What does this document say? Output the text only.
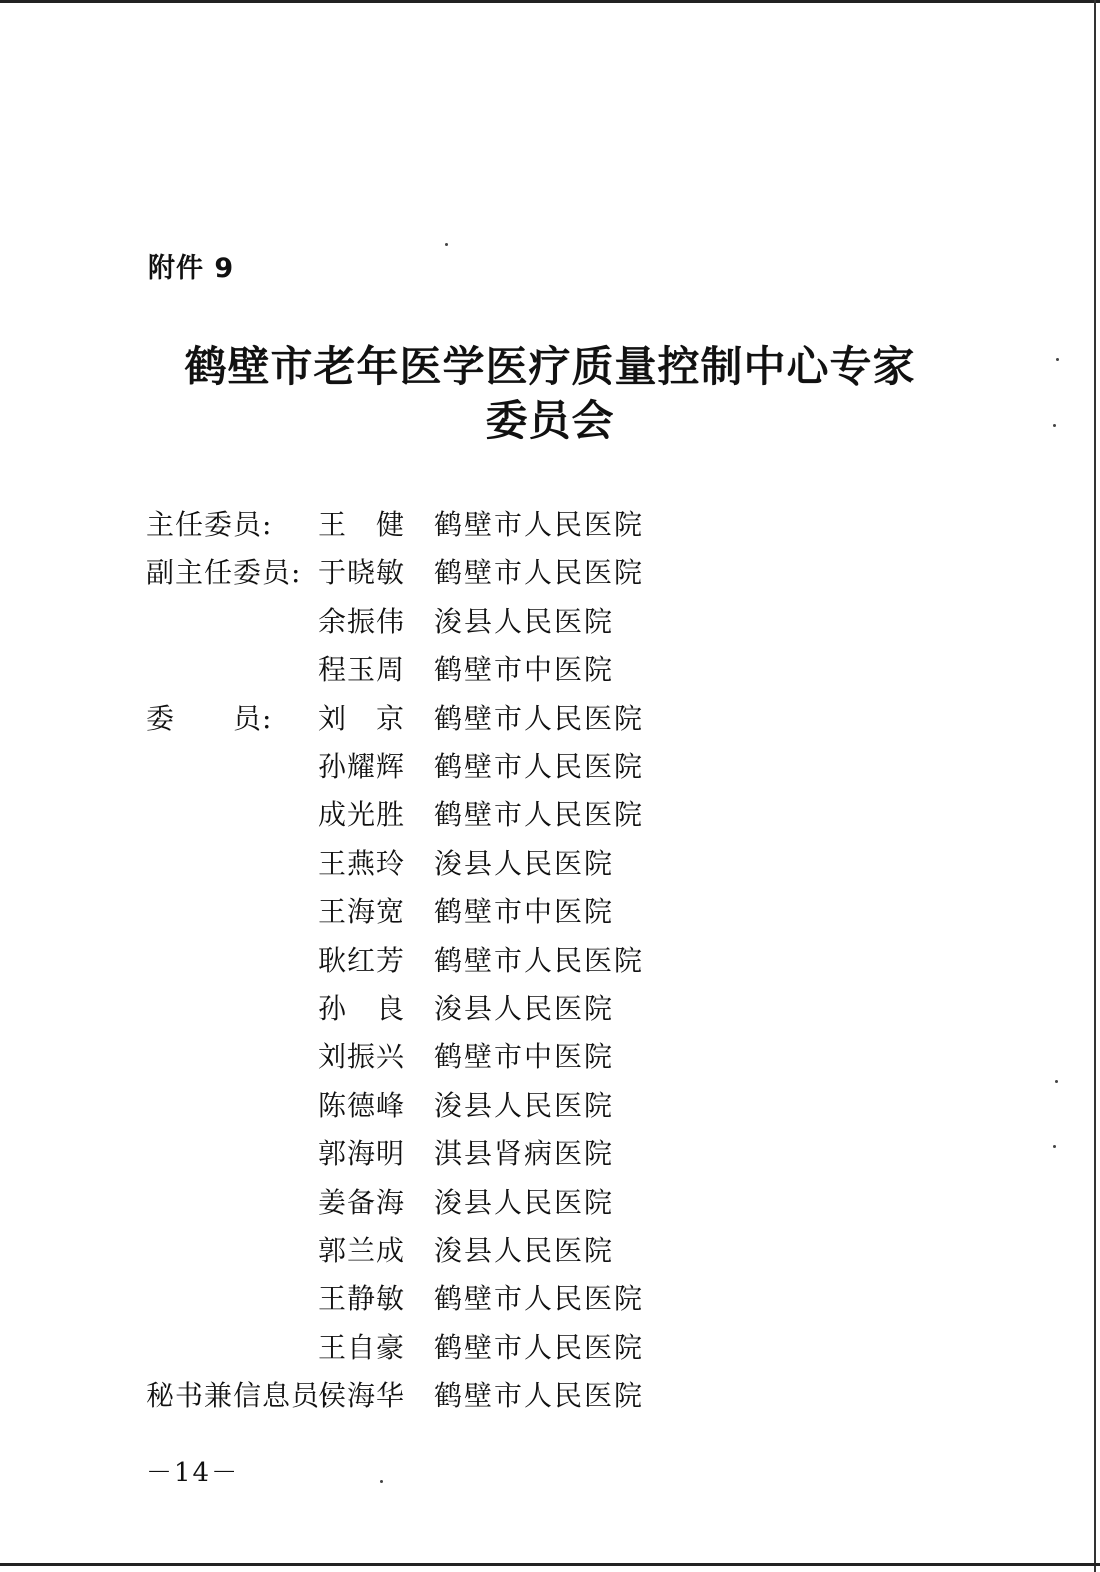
附件 9
鹤壁市老年医学医疗质量控制中心专家
委员会
主任委员:	王　健 鹤壁市人民医院
副主任委员: 于晓敏 鹤壁市人民医院
余振伟 浚县人民医院
程玉周 鹤壁市中医院
委　　员:	刘　京 鹤壁市人民医院
孙耀辉 鹤壁市人民医院
成光胜 鹤壁市人民医院
王燕玲 浚县人民医院
王海宽 鹤壁市中医院
耿红芳 鹤壁市人民医院
孙　良 浚县人民医院
刘振兴 鹤壁市中医院
陈德峰 浚县人民医院
郭海明 淇县肾病医院
姜备海 浚县人民医院
郭兰成 浚县人民医院
王静敏 鹤壁市人民医院
王自豪 鹤壁市人民医院
秘书兼信息员:
侯海华 鹤壁市人民医院
－14－
